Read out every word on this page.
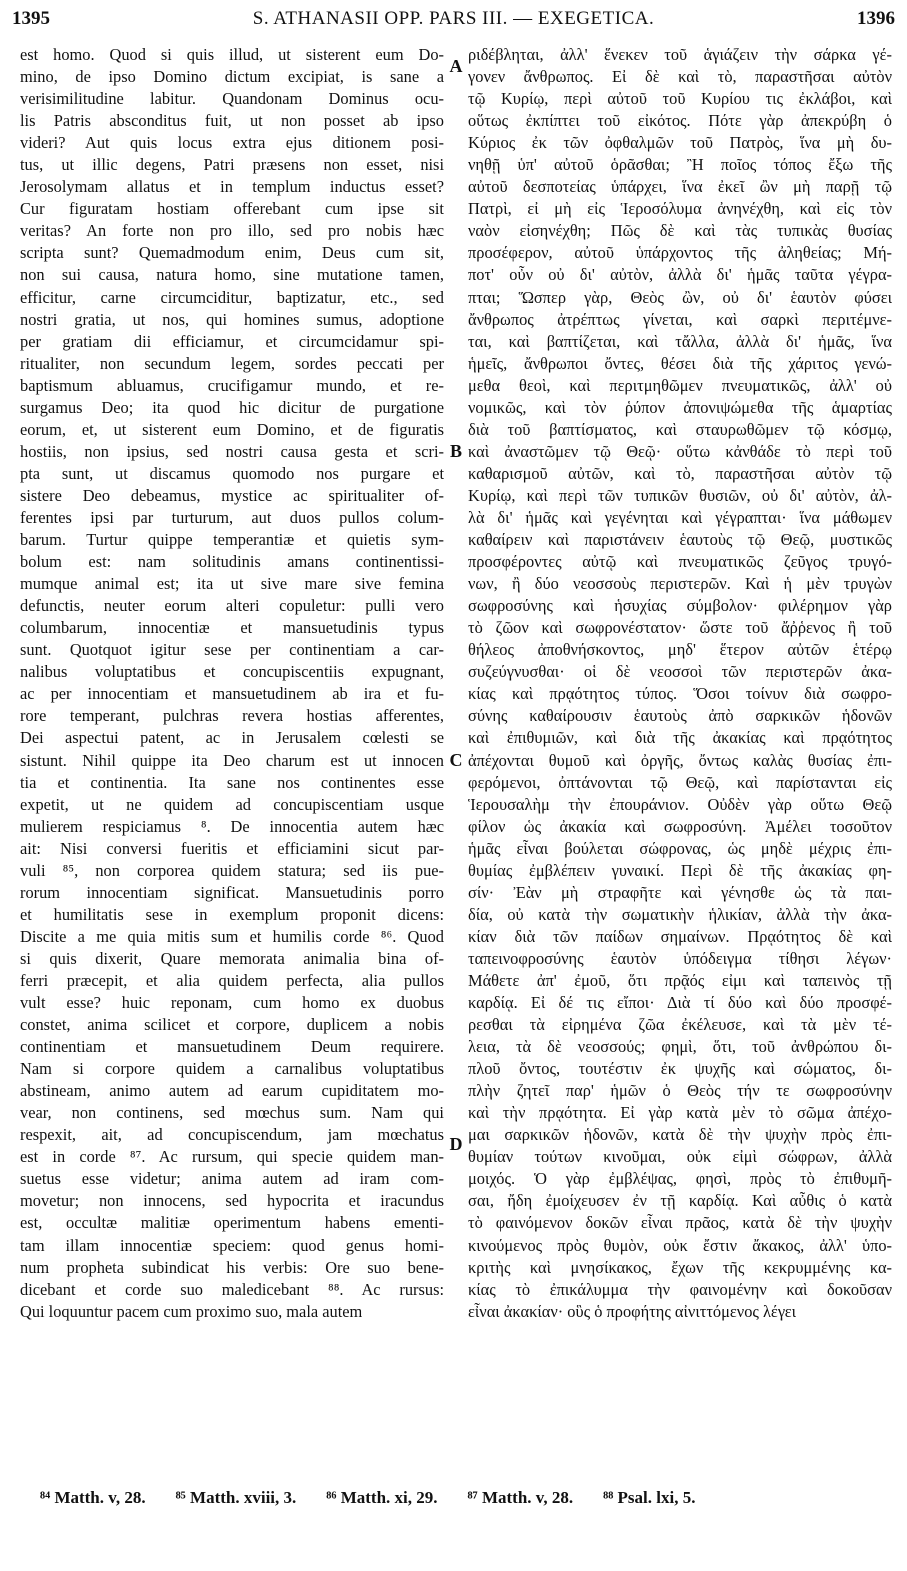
1395	S. ATHANASII OPP. PARS III. — EXEGETICA.	1396
est homo. Quod si quis illud, ut sisterent eum Do-
mino, de ipso Domino dictum excipiat, is sane a
verisimilitudine labitur. Quandonam Dominus ocu-
lis Patris absconditus fuit, ut non posset ab ipso
videri? Aut quis locus extra ejus ditionem posi-
tus, ut illic degens, Patri præsens non esset, nisi
Jerosolymam allatus et in templum inductus esset?
Cur figuratam hostiam offerebant cum ipse sit
veritas? An forte non pro illo, sed pro nobis hæc
scripta sunt? Quemadmodum enim, Deus cum sit,
non sui causa, natura homo, sine mutatione tamen,
efficitur, carne circumciditur, baptizatur, etc., sed
nostri gratia, ut nos, qui homines sumus, adoptione
per gratiam dii efficiamur, et circumcidamur spi-
ritualiter, non secundum legem, sordes peccati per
baptismum abluamus, crucifigamur mundo, et re-
surgamus Deo; ita quod hic dicitur de purgatione
eorum, et, ut sisterent eum Domino, et de figuratis
hostiis, non ipsius, sed nostri causa gesta et scri-
pta sunt, ut discamus quomodo nos purgare et
sistere Deo debeamus, mystice ac spiritualiter of-
ferentes ipsi par turturum, aut duos pullos colum-
barum. Turtur quippe temperantiæ et quietis sym-
bolum est: nam solitudinis amans continentissi-
mumque animal est; ita ut sive mare sive femina
defunctis, neuter eorum alteri copuletur: pulli vero
columbarum, innocentiæ et mansuetudinis typus
sunt. Quotquot igitur sese per continentiam a car-
nalibus voluptatibus et concupiscentiis expugnant,
ac per innocentiam et mansuetudinem ab ira et fu-
rore temperant, pulchras revera hostias afferentes,
Dei aspectui patent, ac in Jerusalem cœlesti se
sistunt. Nihil quippe ita Deo charum est ut innocen
tia et continentia. Ita sane nos continentes esse
expetit, ut ne quidem ad concupiscentiam usque
mulierem respiciamus ⁸. De innocentia autem hæc
ait: Nisi conversi fueritis et efficiamini sicut par-
vuli ⁸⁵, non corporea quidem statura; sed iis pue-
rorum innocentiam significat. Mansuetudinis porro
et humilitatis sese in exemplum proponit dicens:
Discite a me quia mitis sum et humilis corde ⁸⁶. Quod
si quis dixerit, Quare memorata animalia bina of-
ferri præcepit, et alia quidem perfecta, alia pullos
vult esse? huic reponam, cum homo ex duobus
constet, anima scilicet et corpore, duplicem a nobis
continentiam et mansuetudinem Deum requirere.
Nam si corpore quidem a carnalibus voluptatibus
abstineam, animo autem ad earum cupiditatem mo-
vear, non continens, sed mœchus sum. Nam qui
respexit, ait, ad concupiscendum, jam mœchatus
est in corde ⁸⁷. Ac rursum, qui specie quidem man-
suetus esse videtur; anima autem ad iram com-
movetur; non innocens, sed hypocrita et iracundus
est, occultæ malitiæ operimentum habens ementi-
tam illam innocentiæ speciem: quod genus homi-
num propheta subindicat his verbis: Ore suo bene-
dicebant et corde suo maledicebant ⁸⁸. Ac rursus:
Qui loquuntur pacem cum proximo suo, mala autem
ριδέβληται, ἀλλ' ἕνεκεν τοῦ ἁγιάζειν τὴν σάρκα γέ-
γονεν ἄνθρωπος. Εἰ δὲ καὶ τὸ, παραστῆσαι αὐτὸν
τῷ Κυρίῳ, περὶ αὐτοῦ τοῦ Κυρίου τις ἐκλάβοι, καὶ
οὕτως ἐκπίπτει τοῦ εἰκότος. Πότε γὰρ ἀπεκρύβη ὁ
Κύριος ἐκ τῶν ὀφθαλμῶν τοῦ Πατρὸς, ἵνα μὴ δυ-
νηθῇ ὑπ' αὐτοῦ ὁρᾶσθαι; Ἢ ποῖος τόπος ἔξω τῆς
αὐτοῦ δεσποτείας ὑπάρχει, ἵνα ἐκεῖ ὢν μὴ παρῇ τῷ
Πατρὶ, εἰ μὴ εἰς Ἱεροσόλυμα ἀνηνέχθη, καὶ εἰς τὸν
ναὸν εἰσηνέχθη; Πῶς δὲ καὶ τὰς τυπικὰς θυσίας
προσέφερον, αὐτοῦ ὑπάρχοντος τῆς ἀληθείας; Μή-
ποτ' οὖν οὐ δι' αὐτὸν, ἀλλὰ δι' ἡμᾶς ταῦτα γέγρα-
πται; Ὥσπερ γὰρ, Θεὸς ὢν, οὐ δι' ἑαυτὸν φύσει
ἄνθρωπος ἀτρέπτως γίνεται, καὶ σαρκὶ περιτέμνε-
ται, καὶ βαπτίζεται, καὶ τἄλλα, ἀλλὰ δι' ἡμᾶς, ἵνα
ἡμεῖς, ἄνθρωποι ὄντες, θέσει διὰ τῆς χάριτος γενώ-
μεθα θεοὶ, καὶ περιτμηθῶμεν πνευματικῶς, ἀλλ' οὐ
νομικῶς, καὶ τὸν ῥύπον ἀπονιψώμεθα τῆς ἁμαρτίας
διὰ τοῦ βαπτίσματος, καὶ σταυρωθῶμεν τῷ κόσμῳ,
καὶ ἀναστῶμεν τῷ Θεῷ· οὕτω κἀνθάδε τὸ περὶ τοῦ
καθαρισμοῦ αὐτῶν, καὶ τὸ, παραστῆσαι αὐτὸν τῷ
Κυρίῳ, καὶ περὶ τῶν τυπικῶν θυσιῶν, οὐ δι' αὐτὸν, ἀλ-
λὰ δι' ἡμᾶς καὶ γεγένηται καὶ γέγραπται· ἵνα μάθωμεν
καθαίρειν καὶ παριστάνειν ἑαυτοὺς τῷ Θεῷ, μυστικῶς
προσφέροντες αὐτῷ καὶ πνευματικῶς ζεῦγος τρυγό-
νων, ἢ δύο νεοσσοὺς περιστερῶν. Καὶ ἡ μὲν τρυγὼν
σωφροσύνης καὶ ἡσυχίας σύμβολον· φιλέρημον γὰρ
τὸ ζῶον καὶ σωφρονέστατον· ὥστε τοῦ ἄῤῥενος ἢ τοῦ
θήλεος ἀποθνήσκοντος, μηδ' ἕτερον αὐτῶν ἑτέρῳ
συζεύγνυσθαι· οἱ δὲ νεοσσοὶ τῶν περιστερῶν ἀκα-
κίας καὶ πρᾳότητος τύπος. Ὅσοι τοίνυν διὰ σωφρο-
σύνης καθαίρουσιν ἑαυτοὺς ἀπὸ σαρκικῶν ἡδονῶν
καὶ ἐπιθυμιῶν, καὶ διὰ τῆς ἀκακίας καὶ πρᾳότητος
ἀπέχονται θυμοῦ καὶ ὀργῆς, ὄντως καλὰς θυσίας ἐπι-
φερόμενοι, ὀπτάνονται τῷ Θεῷ, καὶ παρίστανται εἰς
Ἱερουσαλὴμ τὴν ἐπουράνιον. Οὐδὲν γὰρ οὕτω Θεῷ
φίλον ὡς ἀκακία καὶ σωφροσύνη. Ἀμέλει τοσοῦτον
ἡμᾶς εἶναι βούλεται σώφρονας, ὡς μηδὲ μέχρις ἐπι-
θυμίας ἐμβλέπειν γυναικί. Περὶ δὲ τῆς ἀκακίας φη-
σίν· Ἐὰν μὴ στραφῆτε καὶ γένησθε ὡς τὰ παι-
δία, οὐ κατὰ τὴν σωματικὴν ἡλικίαν, ἀλλὰ τὴν ἀκα-
κίαν διὰ τῶν παίδων σημαίνων. Πρᾳότητος δὲ καὶ
ταπεινοφροσύνης ἑαυτὸν ὑπόδειγμα τίθησι λέγων·
Μάθετε ἀπ' ἐμοῦ, ὅτι πρᾷός εἰμι καὶ ταπεινὸς τῇ
καρδίᾳ. Εἰ δέ τις εἴποι· Διὰ τί δύο καὶ δύο προσφέ-
ρεσθαι τὰ εἰρημένα ζῶα ἐκέλευσε, καὶ τὰ μὲν τέ-
λεια, τὰ δὲ νεοσσούς; φημὶ, ὅτι, τοῦ ἀνθρώπου δι-
πλοῦ ὄντος, τουτέστιν ἐκ ψυχῆς καὶ σώματος, δι-
πλὴν ζητεῖ παρ' ἡμῶν ὁ Θεὸς τήν τε σωφροσύνην
καὶ τὴν πρᾳότητα. Εἰ γὰρ κατὰ μὲν τὸ σῶμα ἀπέχο-
μαι σαρκικῶν ἡδονῶν, κατὰ δὲ τὴν ψυχὴν πρὸς ἐπι-
θυμίαν τούτων κινοῦμαι, οὐκ εἰμὶ σώφρων, ἀλλὰ
μοιχός. Ὁ γὰρ ἐμβλέψας, φησὶ, πρὸς τὸ ἐπιθυμῆ-
σαι, ἤδη ἐμοίχευσεν ἐν τῇ καρδίᾳ. Καὶ αὖθις ὁ κατὰ
τὸ φαινόμενον δοκῶν εἶναι πρᾶος, κατὰ δὲ τὴν ψυχὴν
κινούμενος πρὸς θυμὸν, οὐκ ἔστιν ἄκακος, ἀλλ' ὑπο-
κριτὴς καὶ μνησίκακος, ἔχων τῆς κεκρυμμένης κα-
κίας τὸ ἐπικάλυμμα τὴν φαινομένην καὶ δοκοῦσαν
εἶναι ἀκακίαν· οὓς ὁ προφήτης αἰνιττόμενος λέγει
A
B
C
D
⁸⁴ Matth. v, 28. ⁸⁵ Matth. xviii, 3. ⁸⁶ Matth. xi, 29. ⁸⁷ Matth. v, 28. ⁸⁸ Psal. lxi, 5.
